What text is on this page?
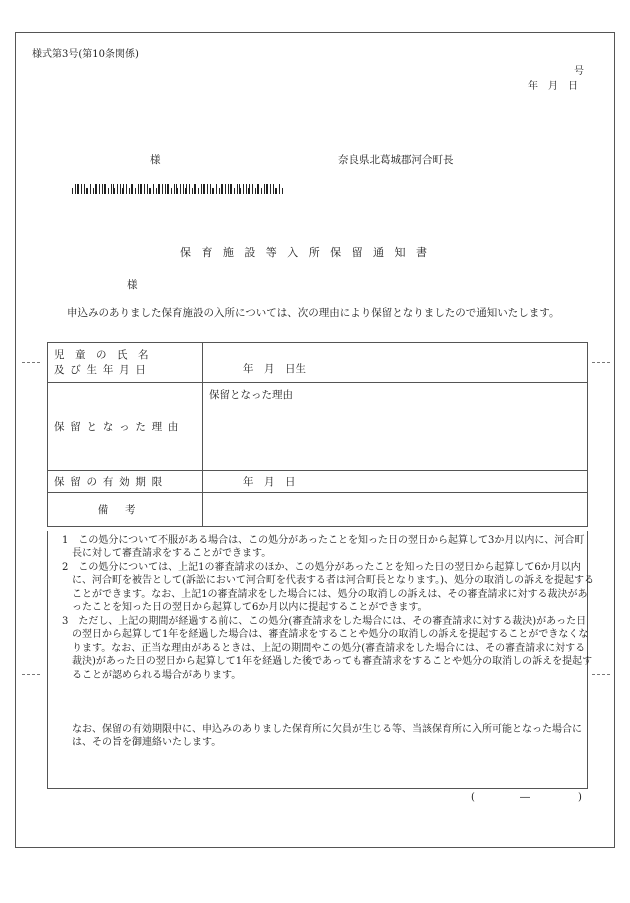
様式第3号(第10条関係)
号
年　月　日
様	奈良県北葛城郡河合町長
保育施設等入所保留通知書
様
申込みのありました保育施設の入所については、次の理由により保留となりましたので通知いたします。
児　童　の　氏　名
及び生年月日	年　月　日生
保留となった理由	保留となった理由
保留の有効期限	年　月　日
備考	
1　この処分について不服がある場合は、この処分があったことを知った日の翌日から起算して3か月以内に、河合町長に対して審査請求をすることができます。
2　この処分については、上記1の審査請求のほか、この処分があったことを知った日の翌日から起算して6か月以内に、河合町を被告として(訴訟において河合町を代表する者は河合町長となります。)、処分の取消しの訴えを提起することができます。なお、上記1の審査請求をした場合には、処分の取消しの訴えは、その審査請求に対する裁決があったことを知った日の翌日から起算して6か月以内に提起することができます。
3　ただし、上記の期間が経過する前に、この処分(審査請求をした場合には、その審査請求に対する裁決)があった日の翌日から起算して1年を経過した場合は、審査請求をすることや処分の取消しの訴えを提起することができなくなります。なお、正当な理由があるときは、上記の期間やこの処分(審査請求をした場合には、その審査請求に対する裁決)があった日の翌日から起算して1年を経過した後であっても審査請求をすることや処分の取消しの訴えを提起することが認められる場合があります。
なお、保留の有効期限中に、申込みのありました保育所に欠員が生じる等、当該保育所に入所可能となった場合には、その旨を御連絡いたします。
(	―	)
